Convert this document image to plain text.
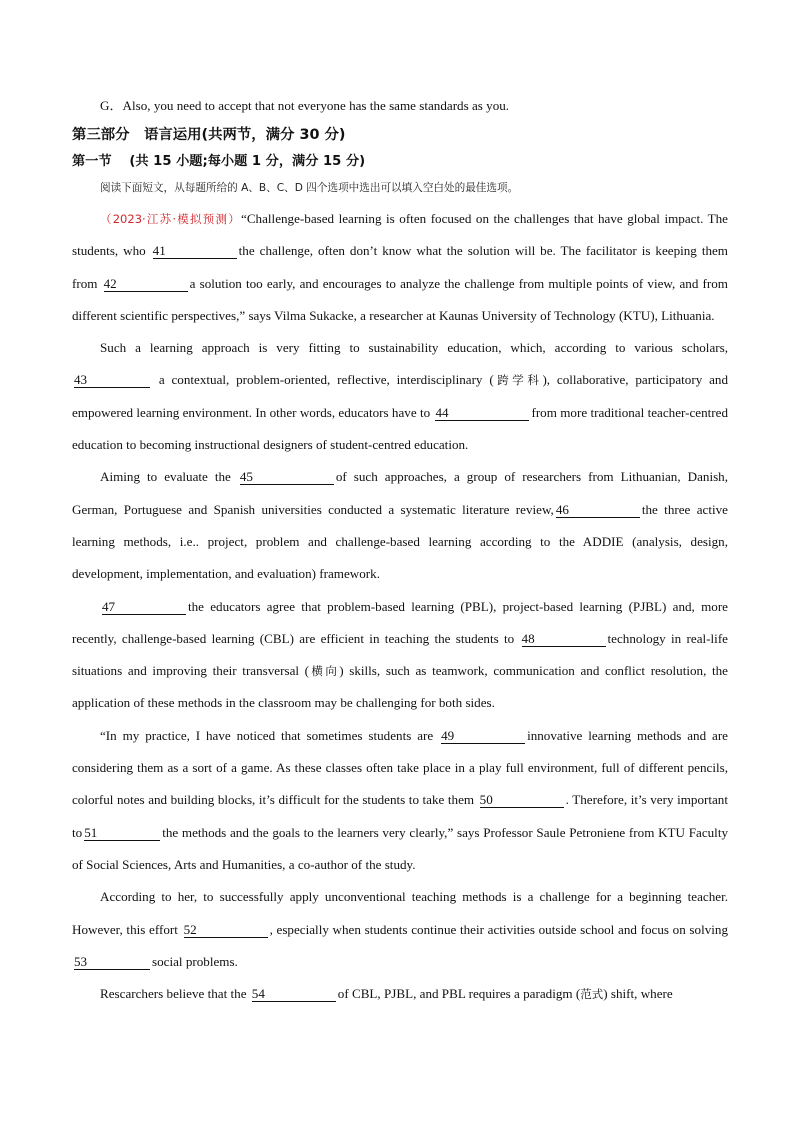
G．Also, you need to accept that not everyone has the same standards as you.

第三部分　语言运用(共两节，满分 30 分)
第一节　 (共 15 小题;每小题 1 分，满分 15 分)

阅读下面短文，从每题所给的 A、B、C、D 四个选项中选出可以填入空白处的最佳选项。

（2023·江苏·模拟预测）“Challenge-based learning is often focused on the challenges that have global impact. The students, who 41	the challenge, often don’t know what the solution will be. The facilitator is keeping them from 42	a solution too early, and encourages to analyze the challenge from multiple points of view, and from different scientific perspectives,” says Vilma Sukacke, a researcher at Kaunas University of Technology (KTU), Lithuania.

Such a learning approach is very fitting to sustainability education, which, according to various scholars,43	a contextual, problem-oriented, reflective, interdisciplinary (跨学科), collaborative, participatory and empowered learning environment. In other words, educators have to 44	from more traditional teacher-centred education to becoming instructional designers of student-centred education.

Aiming to evaluate the 45	of such approaches, a group of researchers from Lithuanian, Danish, German, Portuguese and Spanish universities conducted a systematic literature review, 46	the three active learning methods, i.e.. project, problem and challenge-based learning according to the ADDIE (analysis, design, development, implementation, and evaluation) framework.

47	the educators agree that problem-based learning (PBL), project-based learning (PJBL) and, more recently, challenge-based learning (CBL) are efficient in teaching the students to 48	technology in real-life situations and improving their transversal (横向) skills, such as teamwork, communication and conflict resolution, the application of these methods in the classroom may be challenging for both sides.

“In my practice, I have noticed that sometimes students are 49	innovative learning methods and are considering them as a sort of a game. As these classes often take place in a play full environment, full of different pencils, colorful notes and building blocks, it’s difficult for the students to take them 50	. Therefore, it’s very important to 51	the methods and the goals to the learners very clearly,” says Professor Saule Petroniene from KTU Faculty of Social Sciences, Arts and Humanities, a co-author of the study.

According to her, to successfully apply unconventional teaching methods is a challenge for a beginning teacher. However, this effort 52	, especially when students continue their activities outside school and focus on solving 53	social problems.

Rescarchers believe that the 54	of CBL, PJBL, and PBL requires a paradigm (范式) shift, where
